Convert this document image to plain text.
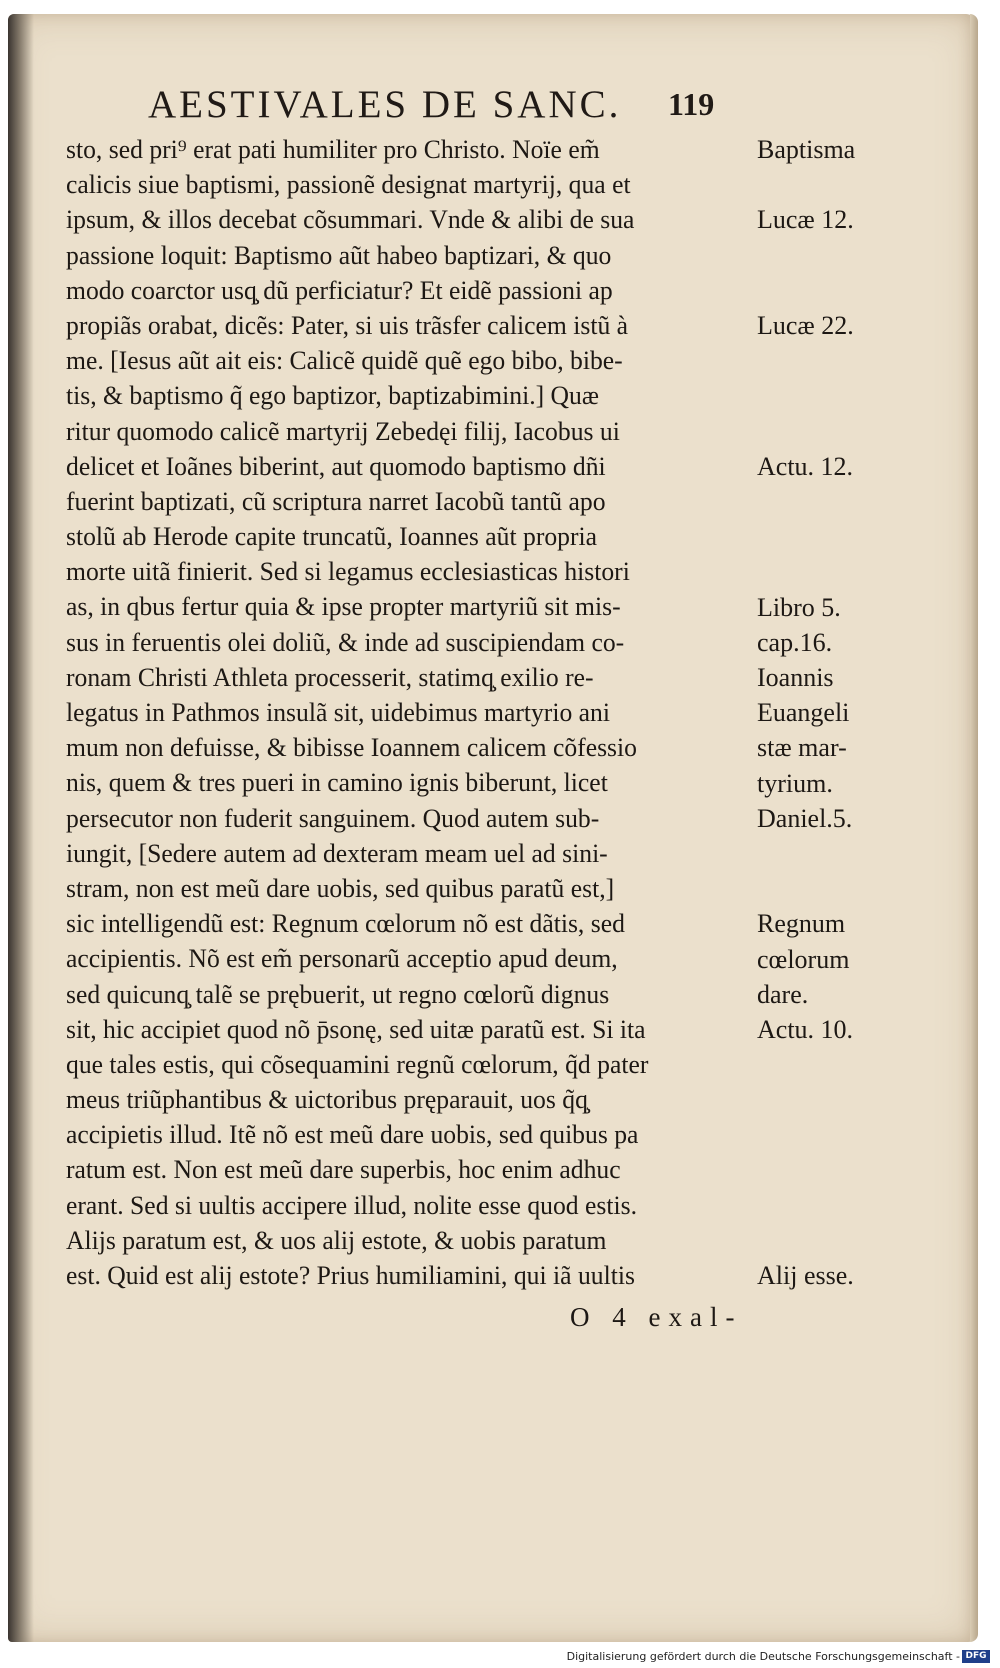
AESTIVALES DE SANC.	119
sto, sed pri⁹ erat pati humiliter pro Christo. Noïe em̃
calicis siue baptismi, passionẽ designat martyrij, qua et
ipsum, & illos decebat cõsummari. Vnde & alibi de sua
passione loquit: Baptismo aũt habeo baptizari, & quo
modo coarctor usq̧ dũ perficiatur? Et eidẽ passioni ap
propiãs orabat, dicẽs: Pater, si uis trãsfer calicem istũ à
me. [Iesus aũt ait eis: Calicẽ quidẽ quẽ ego bibo, bibe-
tis, & baptismo q̃ ego baptizor, baptizabimini.] Quæ
ritur quomodo calicẽ martyrij Zebedęi filij, Iacobus ui
delicet et Ioãnes biberint, aut quomodo baptismo dñi
fuerint baptizati, cũ scriptura narret Iacobũ tantũ apo
stolũ ab Herode capite truncatũ, Ioannes aũt propria
morte uitã finierit. Sed si legamus ecclesiasticas histori
as, in qbus fertur quia & ipse propter martyriũ sit mis-
sus in feruentis olei doliũ, & inde ad suscipiendam co-
ronam Christi Athleta processerit, statimq̧ exilio re-
legatus in Pathmos insulã sit, uidebimus martyrio ani
mum non defuisse, & bibisse Ioannem calicem cõfessio
nis, quem & tres pueri in camino ignis biberunt, licet
persecutor non fuderit sanguinem. Quod autem sub-
iungit, [Sedere autem ad dexteram meam uel ad sini-
stram, non est meũ dare uobis, sed quibus paratũ est,]
sic intelligendũ est: Regnum cœlorum nõ est dãtis, sed
accipientis. Nõ est em̃ personarũ acceptio apud deum,
sed quicunq̧ talẽ se prębuerit, ut regno cœlorũ dignus
sit, hic accipiet quod nõ p̄sonę, sed uitæ paratũ est. Si ita
que tales estis, qui cõsequamini regnũ cœlorum, q̃d pater
meus triũphantibus & uictoribus pręparauit, uos q̃q̧
accipietis illud. Itẽ nõ est meũ dare uobis, sed quibus pa
ratum est. Non est meũ dare superbis, hoc enim adhuc
erant. Sed si uultis accipere illud, nolite esse quod estis.
Alijs paratum est, & uos alij estote, & uobis paratum
est. Quid est alij estote? Prius humiliamini, qui iã uultis
Baptisma
Lucæ 12.
Lucæ 22.
Actu. 12.
Libro 5.
cap.16.
Ioannis
Euangeli
stæ mar-
tyrium.
Daniel.5.
Regnum
cœlorum
dare.
Actu. 10.
Alij esse.
O 4 exal-
Digitalisierung gefördert durch die Deutsche Forschungsgemeinschaft - DFG
